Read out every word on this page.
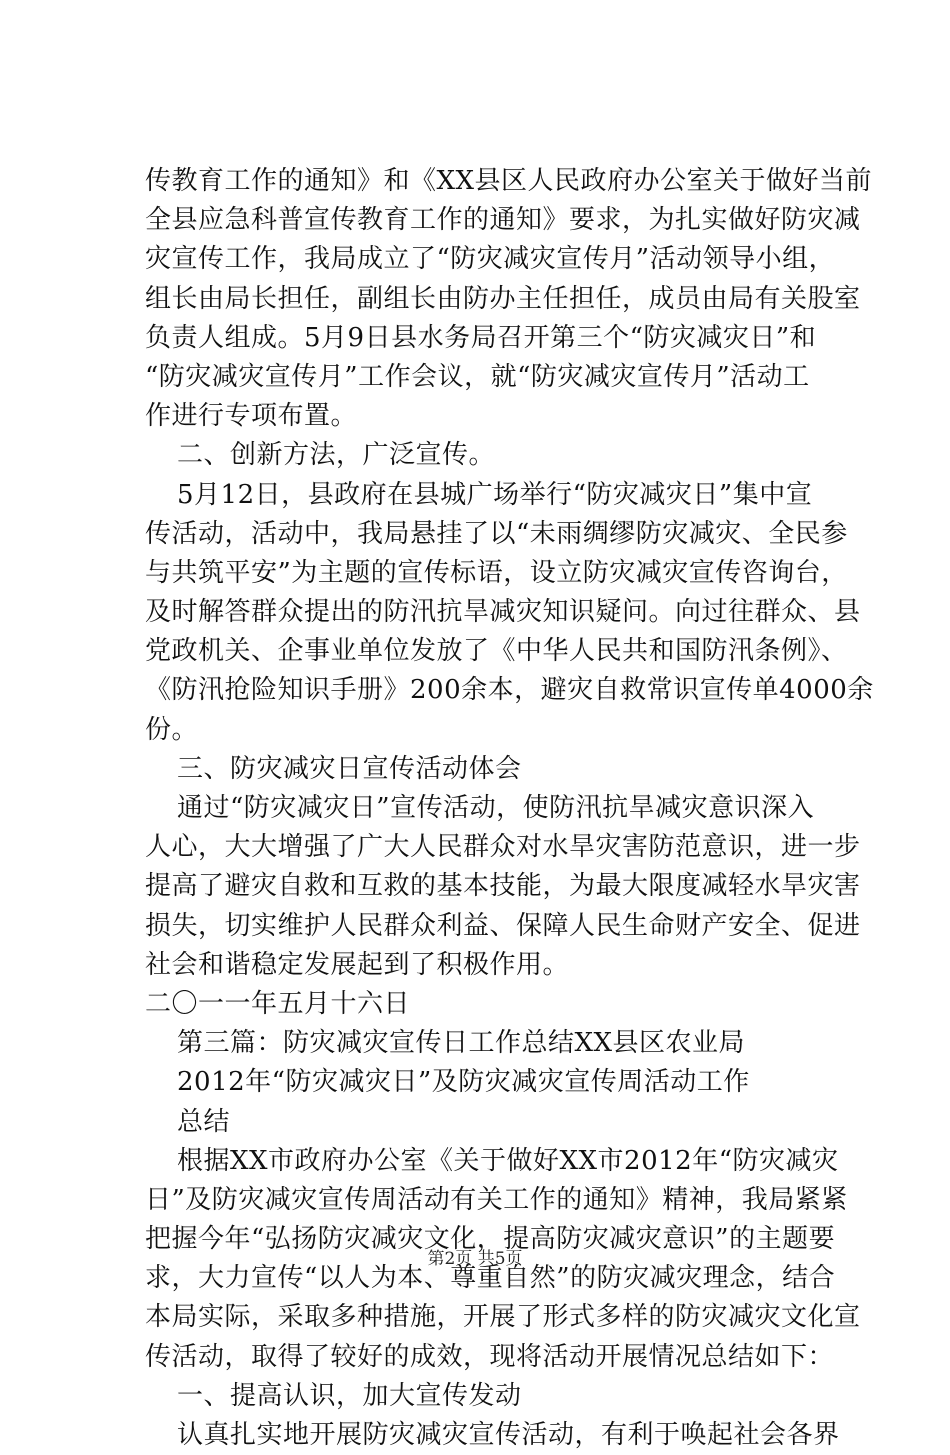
传教育工作的通知》和《XX县区人民政府办公室关于做好当前
全县应急科普宣传教育工作的通知》要求，为扎实做好防灾减
灾宣传工作，我局成立了“防灾减灾宣传月”活动领导小组，
组长由局长担任，副组长由防办主任担任，成员由局有关股室
负责人组成。5月9日县水务局召开第三个“防灾减灾日”和
“防灾减灾宣传月”工作会议，就“防灾减灾宣传月”活动工
作进行专项布置。
二、创新方法，广泛宣传。
5月12日，县政府在县城广场举行“防灾减灾日”集中宣
传活动，活动中，我局悬挂了以“未雨绸缪防灾减灾、全民参
与共筑平安”为主题的宣传标语，设立防灾减灾宣传咨询台，
及时解答群众提出的防汛抗旱减灾知识疑问。向过往群众、县
党政机关、企事业单位发放了《中华人民共和国防汛条例》、
《防汛抢险知识手册》200余本，避灾自救常识宣传单4000余
份。
三、防灾减灾日宣传活动体会
通过“防灾减灾日”宣传活动，使防汛抗旱减灾意识深入
人心，大大增强了广大人民群众对水旱灾害防范意识，进一步
提高了避灾自救和互救的基本技能，为最大限度减轻水旱灾害
损失，切实维护人民群众利益、保障人民生命财产安全、促进
社会和谐稳定发展起到了积极作用。
二〇一一年五月十六日
第三篇：防灾减灾宣传日工作总结XX县区农业局
2012年“防灾减灾日”及防灾减灾宣传周活动工作
总结
根据XX市政府办公室《关于做好XX市2012年“防灾减灾
日”及防灾减灾宣传周活动有关工作的通知》精神，我局紧紧
把握今年“弘扬防灾减灾文化，提高防灾减灾意识”的主题要
求，大力宣传“以人为本、尊重自然”的防灾减灾理念，结合
本局实际，采取多种措施，开展了形式多样的防灾减灾文化宣
传活动，取得了较好的成效，现将活动开展情况总结如下：
一、提高认识，加大宣传发动
认真扎实地开展防灾减灾宣传活动，有利于唤起社会各界
第2页 共5页
